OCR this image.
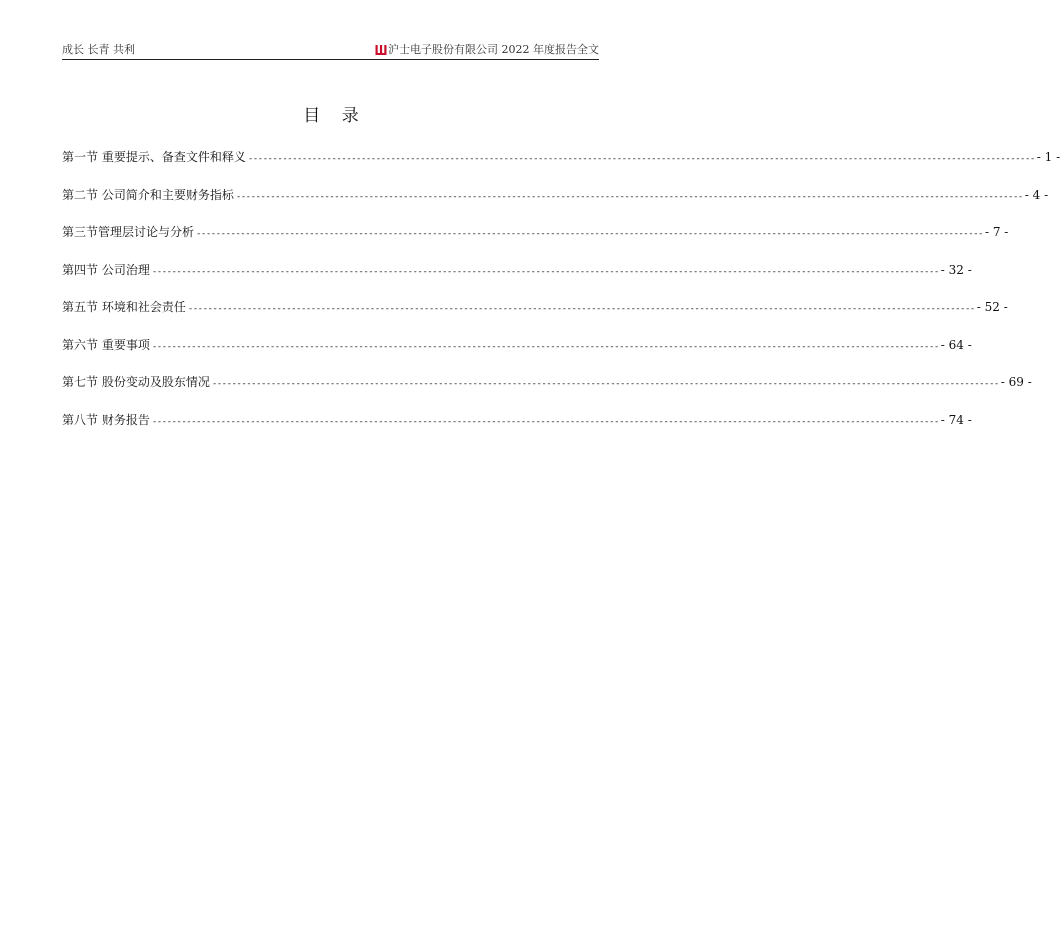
成长 长青 共利	沪士电子股份有限公司 2022 年度报告全文
目 录
第一节 重要提示、备查文件和释义 ---------------------------------------------------------------------------------------------------------------------------------------------------------------- - 1 -
第二节 公司简介和主要财务指标 ---------------------------------------------------------------------------------------------------------------------------------------------------------------- - 4 -
第三节管理层讨论与分析 ---------------------------------------------------------------------------------------------------------------------------------------------------------------- - 7 -
第四节 公司治理 ---------------------------------------------------------------------------------------------------------------------------------------------------------------- - 32 -
第五节 环境和社会责任 ---------------------------------------------------------------------------------------------------------------------------------------------------------------- - 52 -
第六节 重要事项 ---------------------------------------------------------------------------------------------------------------------------------------------------------------- - 64 -
第七节 股份变动及股东情况 ---------------------------------------------------------------------------------------------------------------------------------------------------------------- - 69 -
第八节 财务报告 ---------------------------------------------------------------------------------------------------------------------------------------------------------------- - 74 -
